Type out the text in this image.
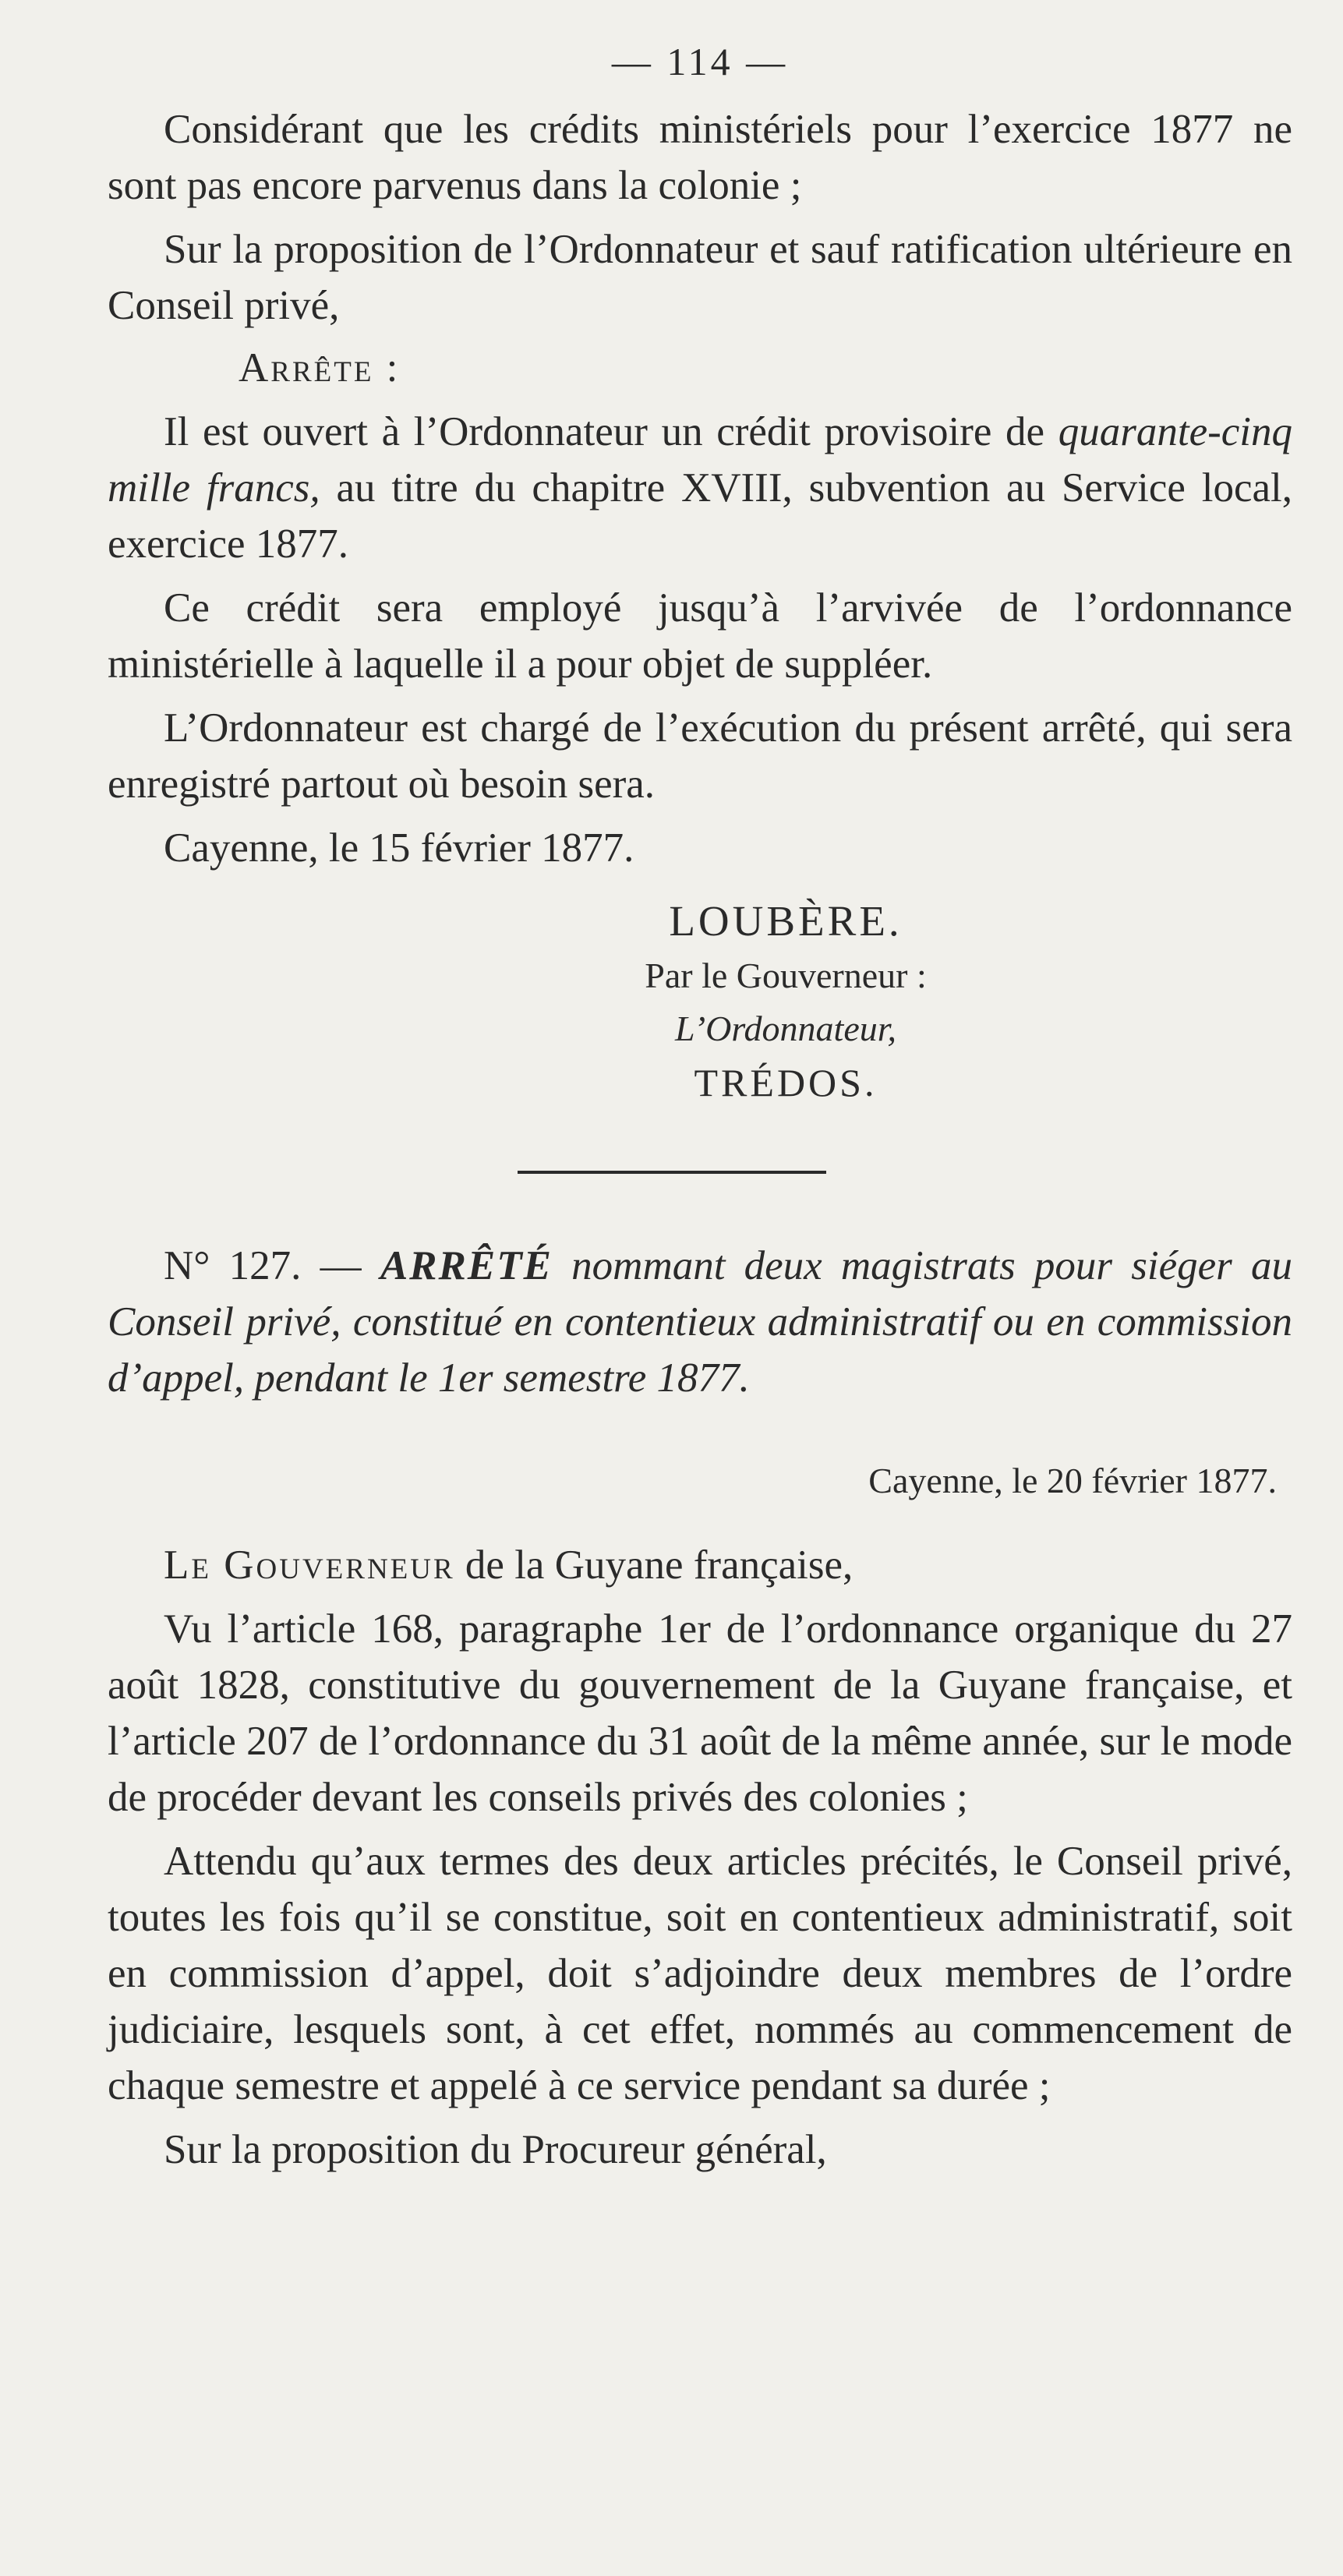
— 114 —

Considérant que les crédits ministériels pour l’exercice 1877 ne sont pas encore parvenus dans la colonie ;

Sur la proposition de l’Ordonnateur et sauf ratification ultérieure en Conseil privé,

Arrête :

Il est ouvert à l’Ordonnateur un crédit provisoire de quarante-cinq mille francs, au titre du chapitre XVIII, subvention au Service local, exercice 1877.

Ce crédit sera employé jusqu’à l’arvivée de l’ordonnance ministérielle à laquelle il a pour objet de suppléer.

L’Ordonnateur est chargé de l’exécution du présent arrêté, qui sera enregistré partout où besoin sera.

Cayenne, le 15 février 1877.

LOUBÈRE.

Par le Gouverneur :

L’Ordonnateur,

TRÉDOS.

N° 127. — ARRÊTÉ nommant deux magistrats pour siéger au Conseil privé, constitué en contentieux administratif ou en commission d’appel, pendant le 1er semestre 1877.

Cayenne, le 20 février 1877.

Le Gouverneur de la Guyane française,

Vu l’article 168, paragraphe 1er de l’ordonnance organique du 27 août 1828, constitutive du gouvernement de la Guyane française, et l’article 207 de l’ordonnance du 31 août de la même année, sur le mode de procéder devant les conseils privés des colonies ;

Attendu qu’aux termes des deux articles précités, le Conseil privé, toutes les fois qu’il se constitue, soit en contentieux administratif, soit en commission d’appel, doit s’adjoindre deux membres de l’ordre judiciaire, lesquels sont, à cet effet, nommés au commencement de chaque semestre et appelé à ce service pendant sa durée ;

Sur la proposition du Procureur général,
